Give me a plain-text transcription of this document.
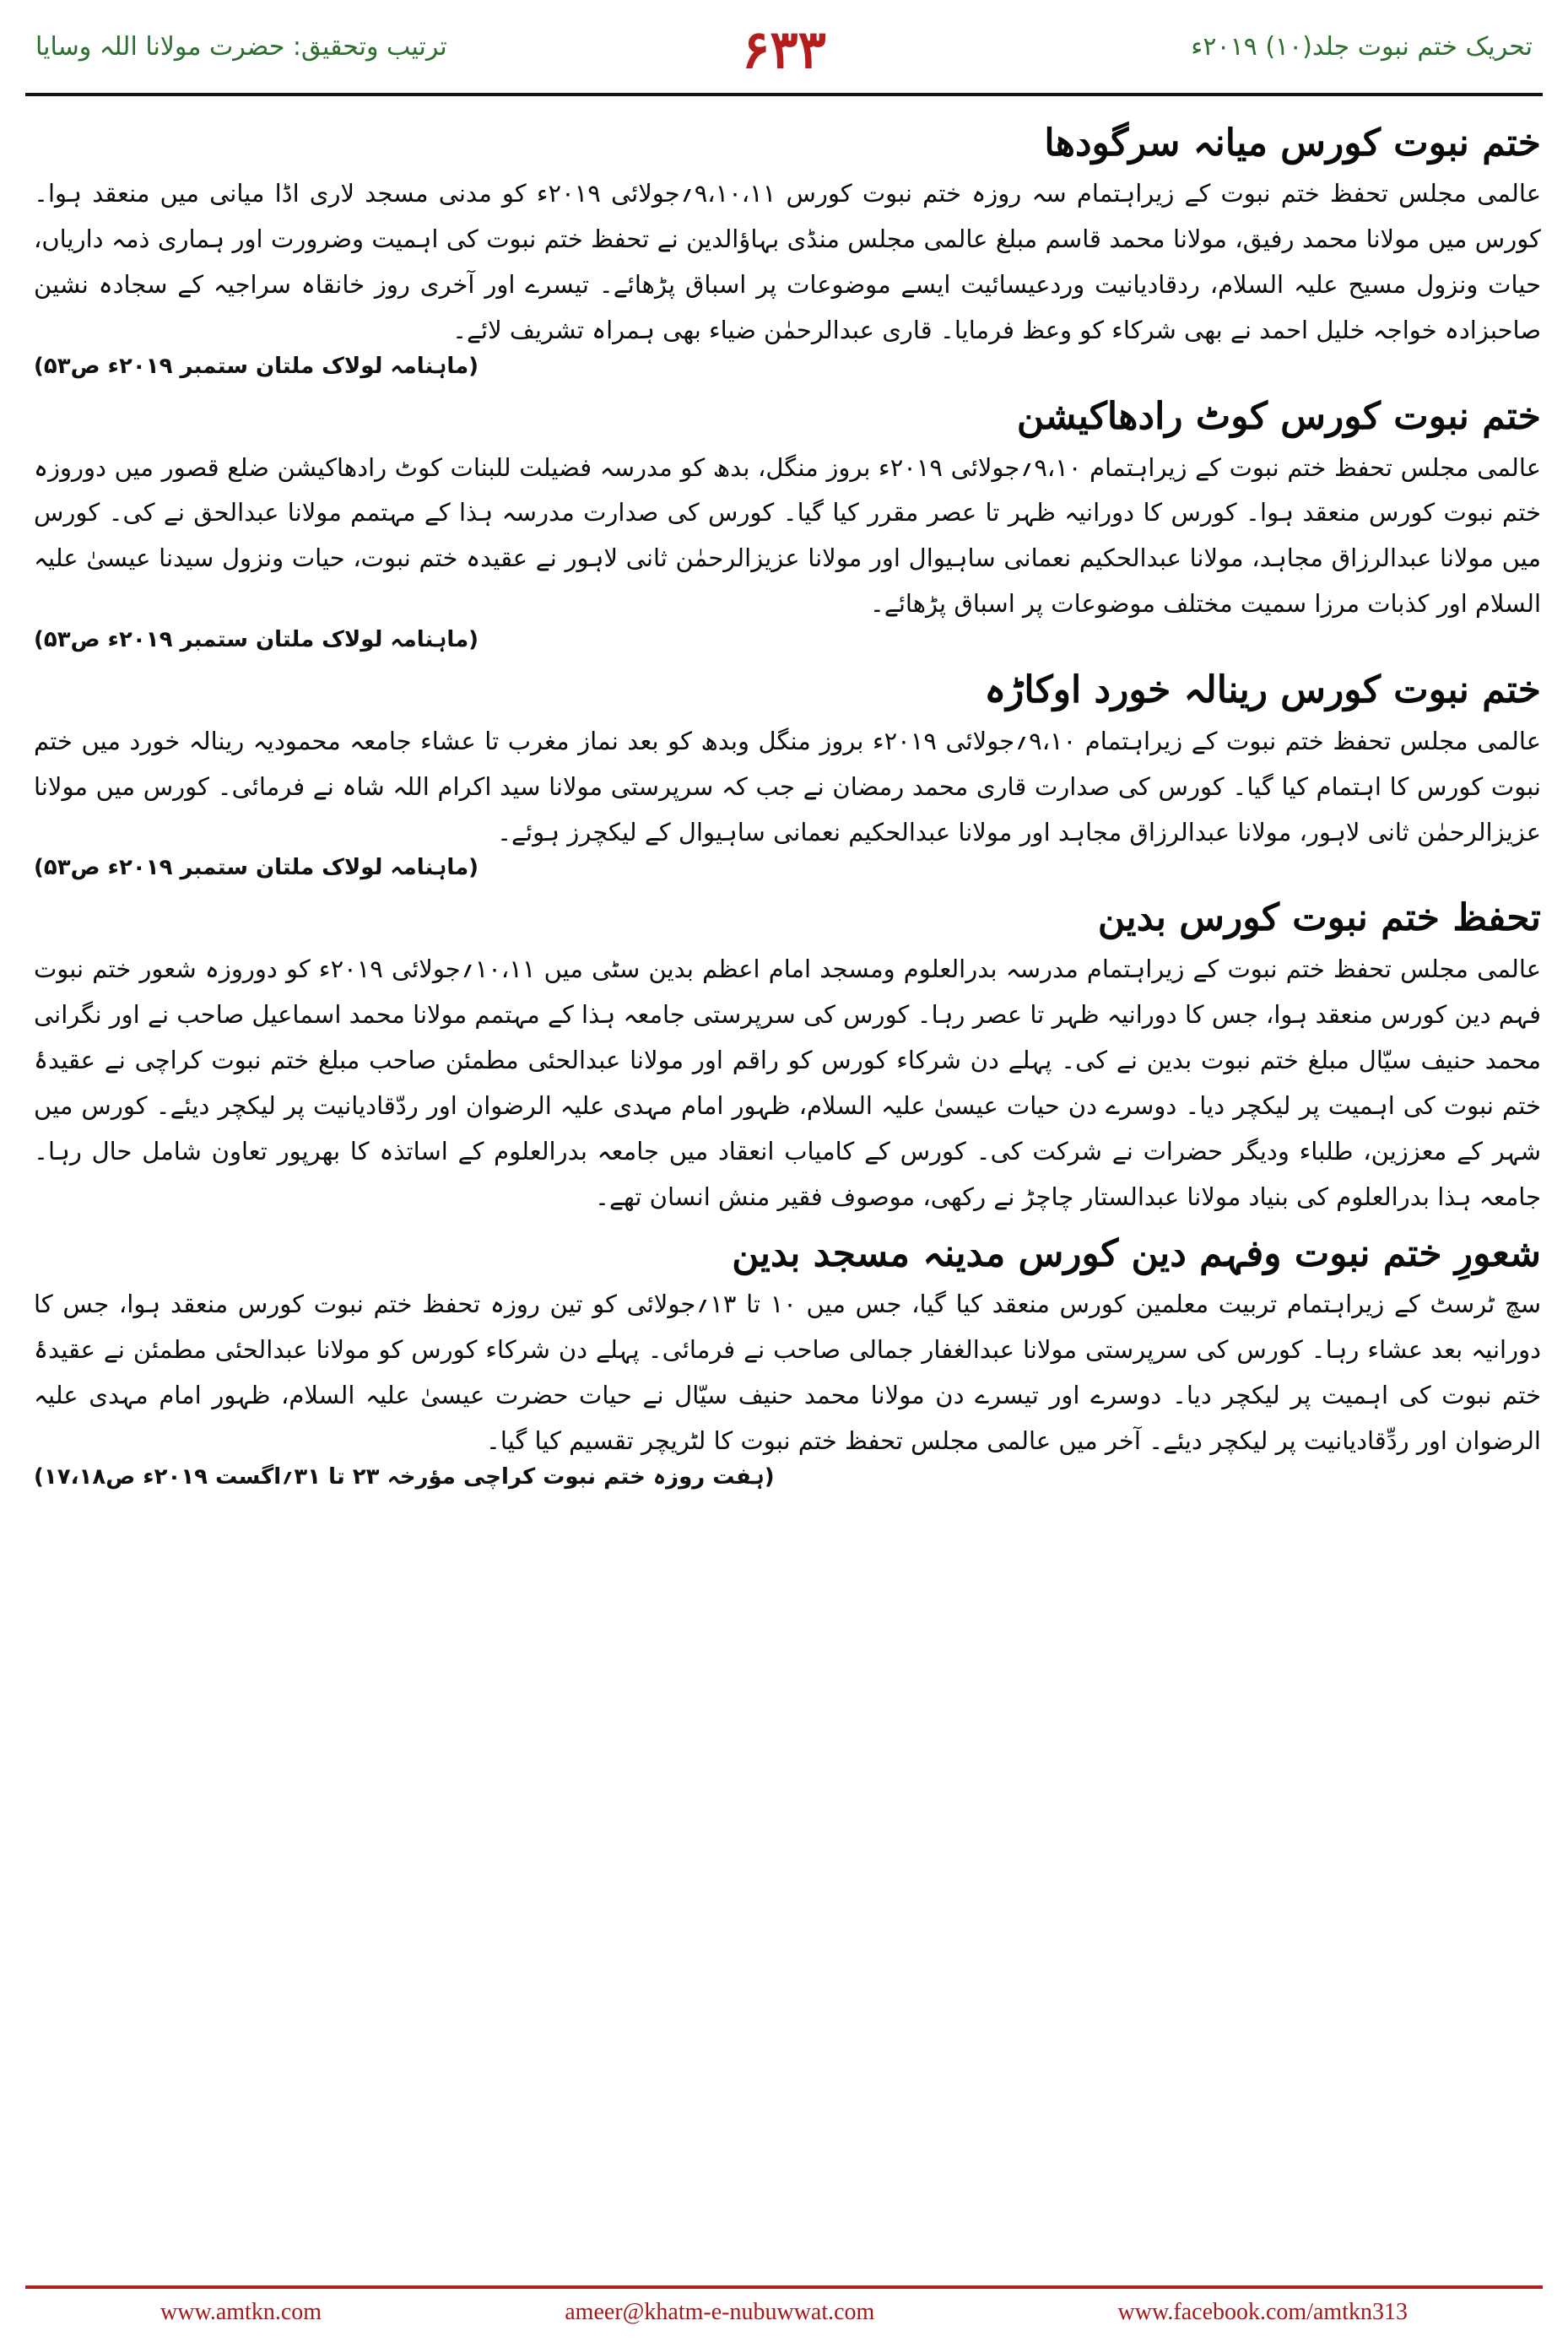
تحریک ختم نبوت جلد(۱۰) ۲۰۱۹ء
۶۳۳
ترتیب وتحقیق: حضرت مولانا اللہ وسایا
ختم نبوت کورس میانہ سرگودھا

عالمی مجلس تحفظ ختم نبوت کے زیراہتمام سہ روزہ ختم نبوت کورس ۹،۱۰،۱۱؍جولائی ۲۰۱۹ء کو مدنی مسجد لاری اڈا میانی میں منعقد ہوا۔ کورس میں مولانا محمد رفیق، مولانا محمد قاسم مبلغ عالمی مجلس منڈی بہاؤالدین نے تحفظ ختم نبوت کی اہمیت وضرورت اور ہماری ذمہ داریاں، حیات ونزول مسیح علیہ السلام، ردقادیانیت وردعیسائیت ایسے موضوعات پر اسباق پڑھائے۔ تیسرے اور آخری روز خانقاہ سراجیہ کے سجادہ نشین صاحبزادہ خواجہ خلیل احمد نے بھی شرکاء کو وعظ فرمایا۔ قاری عبدالرحمٰن ضیاء بھی ہمراہ تشریف لائے۔

(ماہنامہ لولاک ملتان ستمبر ۲۰۱۹ء ص۵۳)
ختم نبوت کورس کوٹ رادھاکیشن

عالمی مجلس تحفظ ختم نبوت کے زیراہتمام ۹،۱۰؍جولائی ۲۰۱۹ء بروز منگل، بدھ کو مدرسہ فضیلت للبنات کوٹ رادھاکیشن ضلع قصور میں دوروزہ ختم نبوت کورس منعقد ہوا۔ کورس کا دورانیہ ظہر تا عصر مقرر کیا گیا۔ کورس کی صدارت مدرسہ ہذا کے مہتمم مولانا عبدالحق نے کی۔ کورس میں مولانا عبدالرزاق مجاہد، مولانا عبدالحکیم نعمانی ساہیوال اور مولانا عزیزالرحمٰن ثانی لاہور نے عقیدہ ختم نبوت، حیات ونزول سیدنا عیسیٰ علیہ السلام اور کذبات مرزا سمیت مختلف موضوعات پر اسباق پڑھائے۔

(ماہنامہ لولاک ملتان ستمبر ۲۰۱۹ء ص۵۳)
ختم نبوت کورس رینالہ خورد اوکاڑہ

عالمی مجلس تحفظ ختم نبوت کے زیراہتمام ۹،۱۰؍جولائی ۲۰۱۹ء بروز منگل وبدھ کو بعد نماز مغرب تا عشاء جامعہ محمودیہ رینالہ خورد میں ختم نبوت کورس کا اہتمام کیا گیا۔ کورس کی صدارت قاری محمد رمضان نے جب کہ سرپرستی مولانا سید اکرام اللہ شاہ نے فرمائی۔ کورس میں مولانا عزیزالرحمٰن ثانی لاہور، مولانا عبدالرزاق مجاہد اور مولانا عبدالحکیم نعمانی ساہیوال کے لیکچرز ہوئے۔

(ماہنامہ لولاک ملتان ستمبر ۲۰۱۹ء ص۵۳)
تحفظ ختم نبوت کورس بدین

عالمی مجلس تحفظ ختم نبوت کے زیراہتمام مدرسہ بدرالعلوم ومسجد امام اعظم بدین سٹی میں ۱۰،۱۱؍جولائی ۲۰۱۹ء کو دوروزہ شعور ختم نبوت فہم دین کورس منعقد ہوا، جس کا دورانیہ ظہر تا عصر رہا۔ کورس کی سرپرستی جامعہ ہذا کے مہتمم مولانا محمد اسماعیل صاحب نے اور نگرانی محمد حنیف سیّال مبلغ ختم نبوت بدین نے کی۔ پہلے دن شرکاء کورس کو راقم اور مولانا عبدالحئی مطمئن صاحب مبلغ ختم نبوت کراچی نے عقیدۂ ختم نبوت کی اہمیت پر لیکچر دیا۔ دوسرے دن حیات عیسیٰ علیہ السلام، ظہور امام مہدی علیہ الرضوان اور ردّقادیانیت پر لیکچر دیئے۔ کورس میں شہر کے معززین، طلباء ودیگر حضرات نے شرکت کی۔ کورس کے کامیاب انعقاد میں جامعہ بدرالعلوم کے اساتذہ کا بھرپور تعاون شامل حال رہا۔ جامعہ ہذا بدرالعلوم کی بنیاد مولانا عبدالستار چاچڑ نے رکھی، موصوف فقیر منش انسان تھے۔

شعورِ ختم نبوت وفہم دین کورس مدینہ مسجد بدین

سچ ٹرسٹ کے زیراہتمام تربیت معلمین کورس منعقد کیا گیا، جس میں ۱۰ تا ۱۳؍جولائی کو تین روزہ تحفظ ختم نبوت کورس منعقد ہوا، جس کا دورانیہ بعد عشاء رہا۔ کورس کی سرپرستی مولانا عبدالغفار جمالی صاحب نے فرمائی۔ پہلے دن شرکاء کورس کو مولانا عبدالحئی مطمئن نے عقیدۂ ختم نبوت کی اہمیت پر لیکچر دیا۔ دوسرے اور تیسرے دن مولانا محمد حنیف سیّال نے حیات حضرت عیسیٰ علیہ السلام، ظہور امام مہدی علیہ الرضوان اور ردِّقادیانیت پر لیکچر دیئے۔ آخر میں عالمی مجلس تحفظ ختم نبوت کا لٹریچر تقسیم کیا گیا۔

(ہفت روزہ ختم نبوت کراچی مؤرخہ ۲۳ تا ۳۱؍اگست ۲۰۱۹ء ص۱۷،۱۸)
www.amtkn.com	ameer@khatm-e-nubuwwat.com	www.facebook.com/amtkn313
